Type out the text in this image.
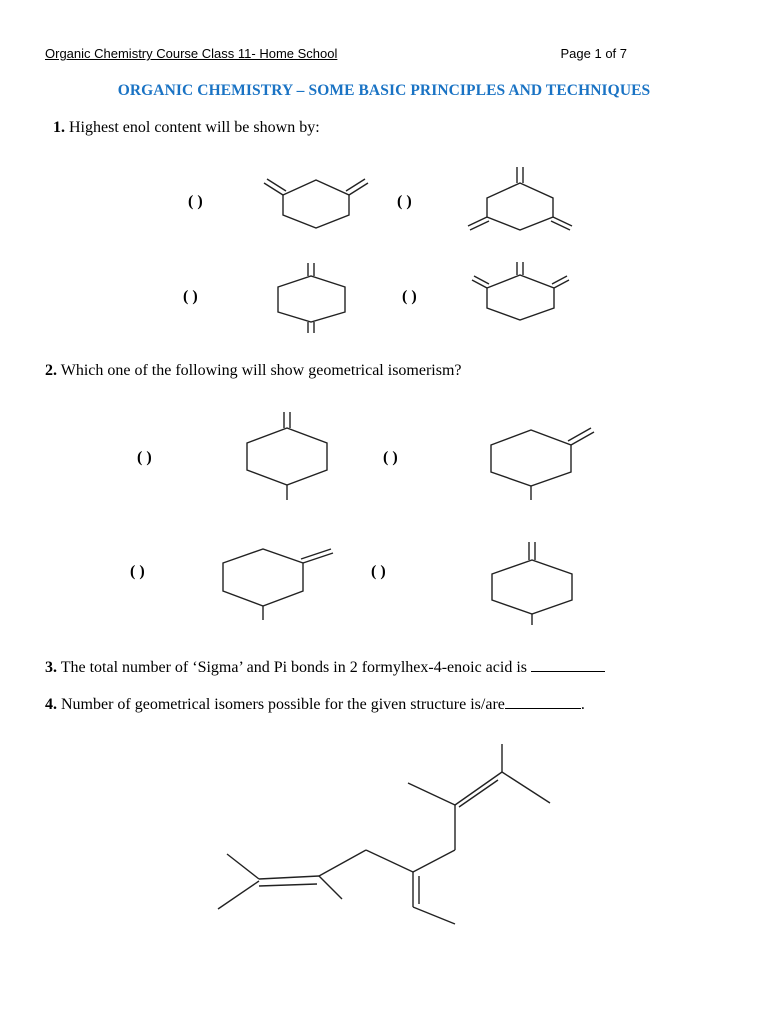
Organic Chemistry Course Class 11- Home School	Page 1 of 7
ORGANIC CHEMISTRY – SOME BASIC PRINCIPLES AND TECHNIQUES
1. Highest enol content will be shown by:
( )	( )
( )	( )
2. Which one of the following will show geometrical isomerism?
( )	( )
( )	( )
3. The total number of ‘Sigma’ and Pi bonds in 2 formylhex-4-enoic acid is
4. Number of geometrical isomers possible for the given structure is/are	.
